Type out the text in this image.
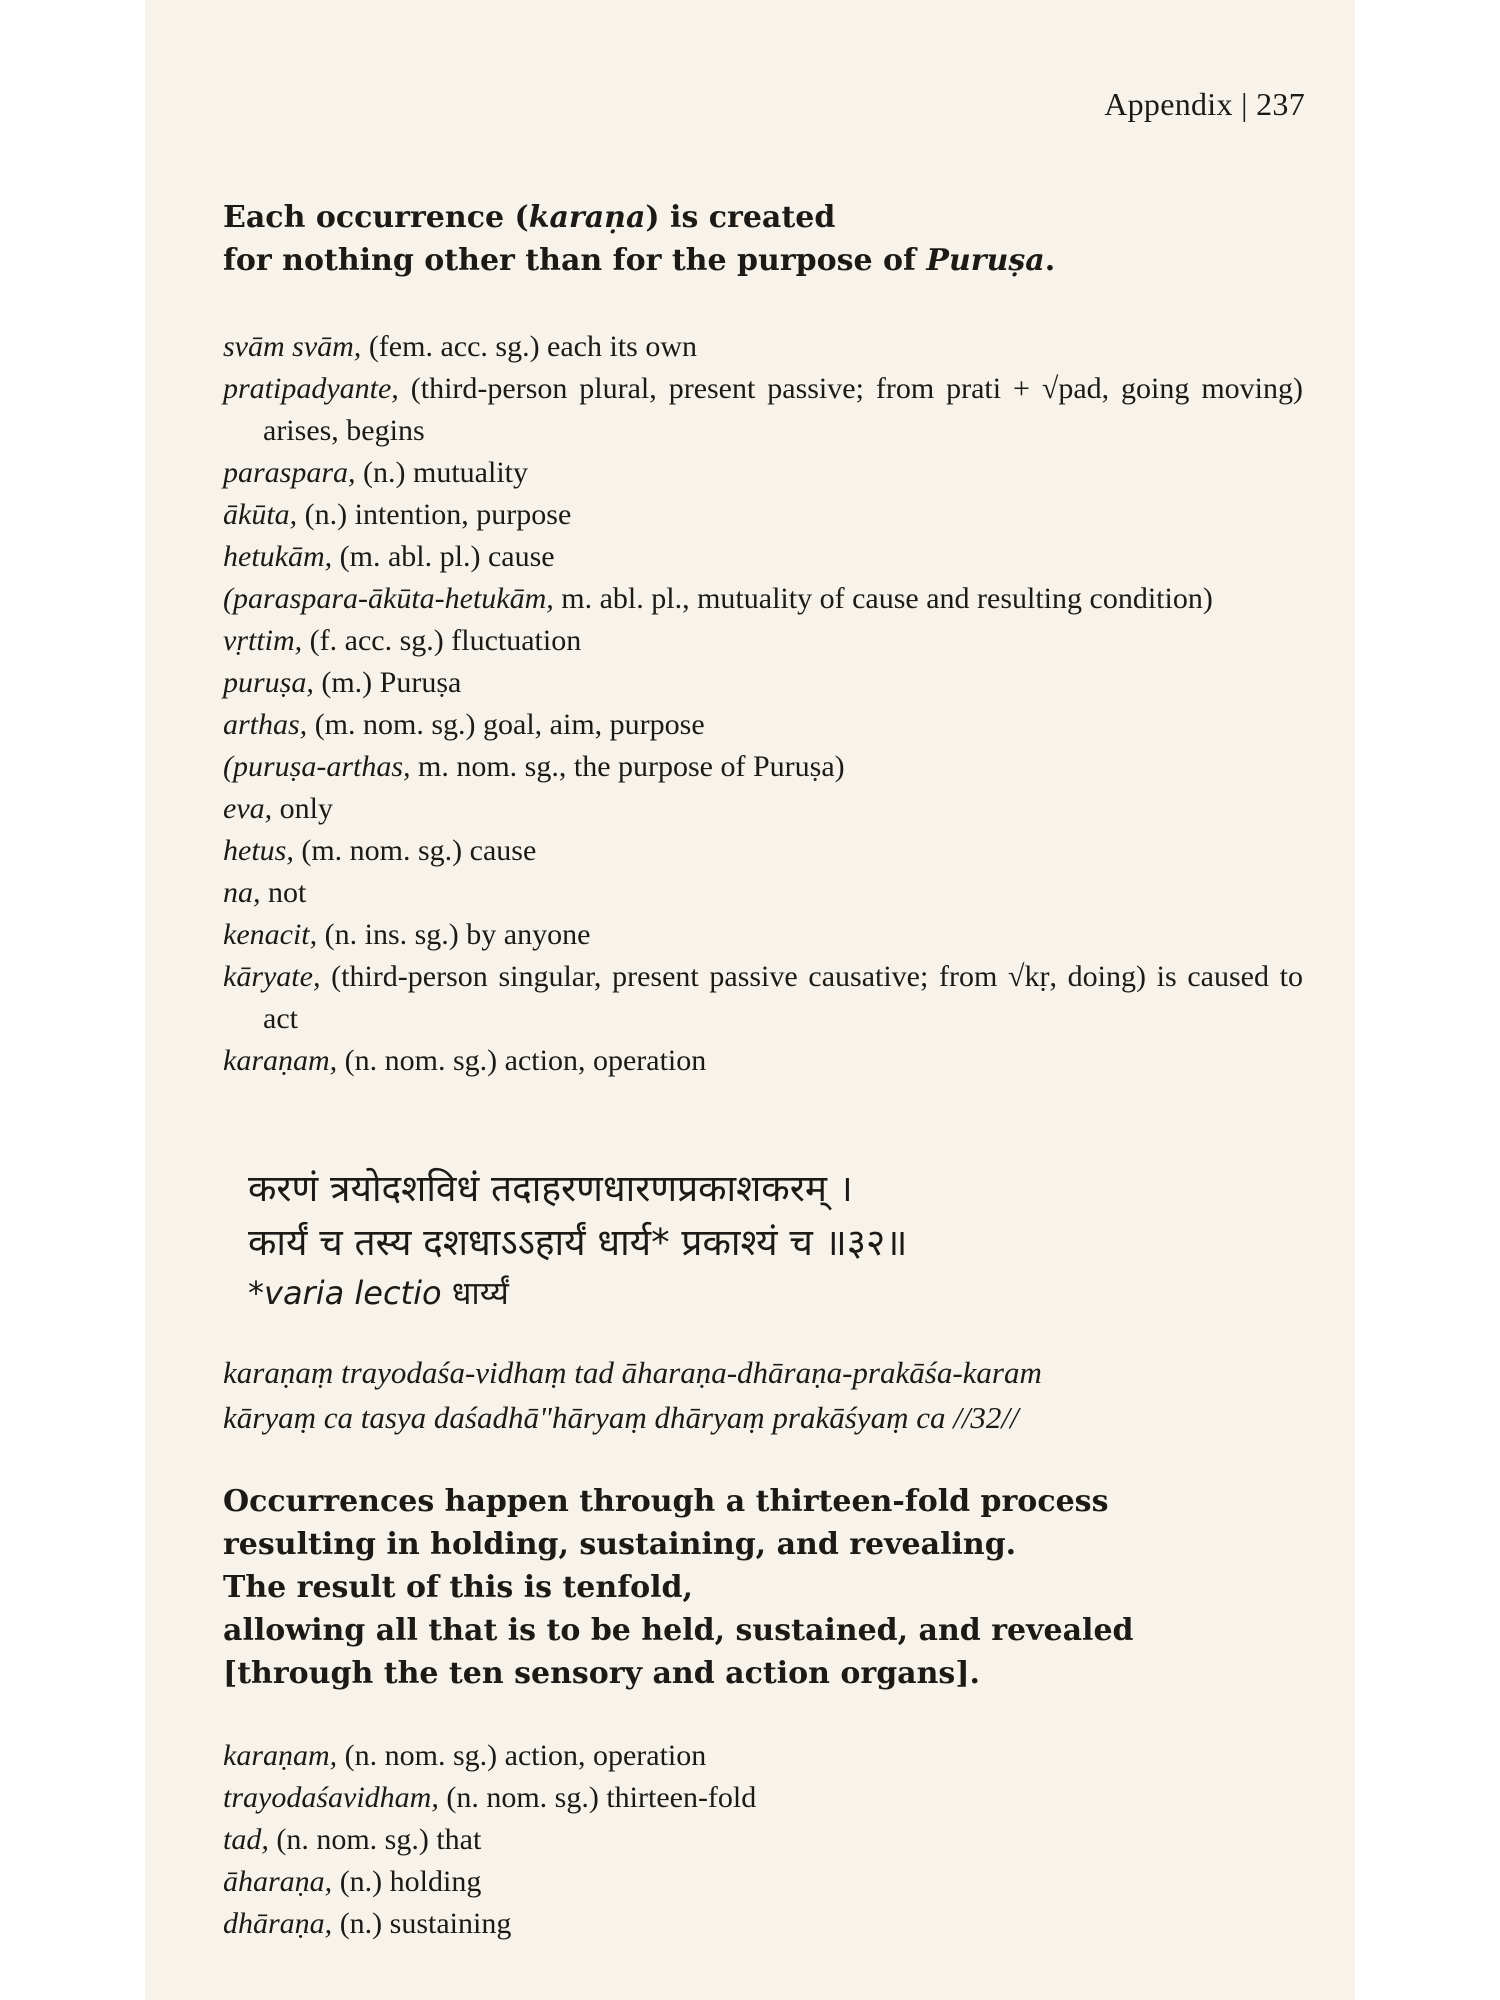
Appendix | 237
Each occurrence (karaṇa) is created
for nothing other than for the purpose of Puruṣa.
svām svām, (fem. acc. sg.) each its own
pratipadyante, (third-person plural, present passive; from prati + √pad, going moving) arises, begins
paraspara, (n.) mutuality
ākūta, (n.) intention, purpose
hetukām, (m. abl. pl.) cause
(paraspara-ākūta-hetukām, m. abl. pl., mutuality of cause and resulting condition)
vṛttim, (f. acc. sg.) fluctuation
puruṣa, (m.) Puruṣa
arthas, (m. nom. sg.) goal, aim, purpose
(puruṣa-arthas, m. nom. sg., the purpose of Puruṣa)
eva, only
hetus, (m. nom. sg.) cause
na, not
kenacit, (n. ins. sg.) by anyone
kāryate, (third-person singular, present passive causative; from √kṛ, doing) is caused to act
karaṇam, (n. nom. sg.) action, operation
करणं त्रयोदशविधं तदाहरणधारणप्रकाशकरम् ।
कार्यं च तस्य दशधाऽऽहार्यं धार्य* प्रकाश्यं च ॥३२॥
*varia lectio धार्य्यं
karaṇaṃ trayodaśa-vidhaṃ tad āharaṇa-dhāraṇa-prakāśa-karam
kāryaṃ ca tasya daśadhā"hāryaṃ dhāryaṃ prakāśyaṃ ca //32//
Occurrences happen through a thirteen-fold process
resulting in holding, sustaining, and revealing.
The result of this is tenfold,
allowing all that is to be held, sustained, and revealed
[through the ten sensory and action organs].
karaṇam, (n. nom. sg.) action, operation
trayodaśavidham, (n. nom. sg.) thirteen-fold
tad, (n. nom. sg.) that
āharaṇa, (n.) holding
dhāraṇa, (n.) sustaining
